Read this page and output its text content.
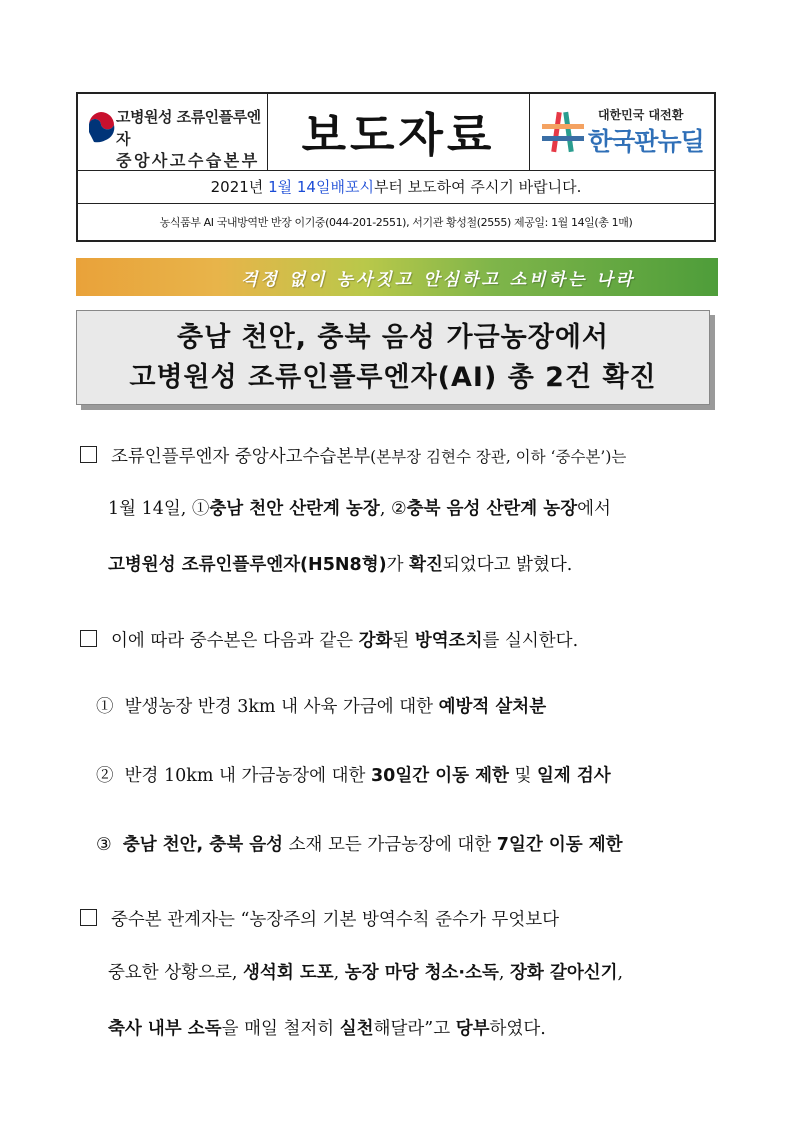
고병원성 조류인플루엔자
중앙사고수습본부 보도자료	대한민국 대전환
한국판뉴딜
2021년
1월 14일 배포 시 부터 보도하여 주시기 바랍니다.
농식품부 AI 국내방역반 반장 이기중(044-201-2551), 서기관 황성철(2555) 제공일: 1월 14일(총 1매)
걱정 없이 농사짓고 안심하고 소비하는 나라
충남 천안, 충북 음성 가금농장에서
고병원성 조류인플루엔자(AI) 총 2건 확진
조류인플루엔자 중앙사고수습본부(본부장 김현수 장관, 이하 ‘중수본’)는
1월 14일, ①충남 천안 산란계 농장, ②충북 음성 산란계 농장에서
고병원성 조류인플루엔자(H5N8형)가 확진되었다고 밝혔다.
이에 따라 중수본은 다음과 같은 강화된 방역조치를 실시한다.
① 발생농장 반경 3km 내 사육 가금에 대한 예방적 살처분
② 반경 10km 내 가금농장에 대한 30일간 이동 제한 및 일제 검사
③ 충남 천안, 충북 음성 소재 모든 가금농장에 대한 7일간 이동 제한
중수본 관계자는 “농장주의 기본 방역수칙 준수가 무엇보다
중요한 상황으로, 생석회 도포, 농장 마당 청소·소독, 장화 갈아신기,
축사 내부 소독을 매일 철저히 실천해달라”고 당부하였다.
